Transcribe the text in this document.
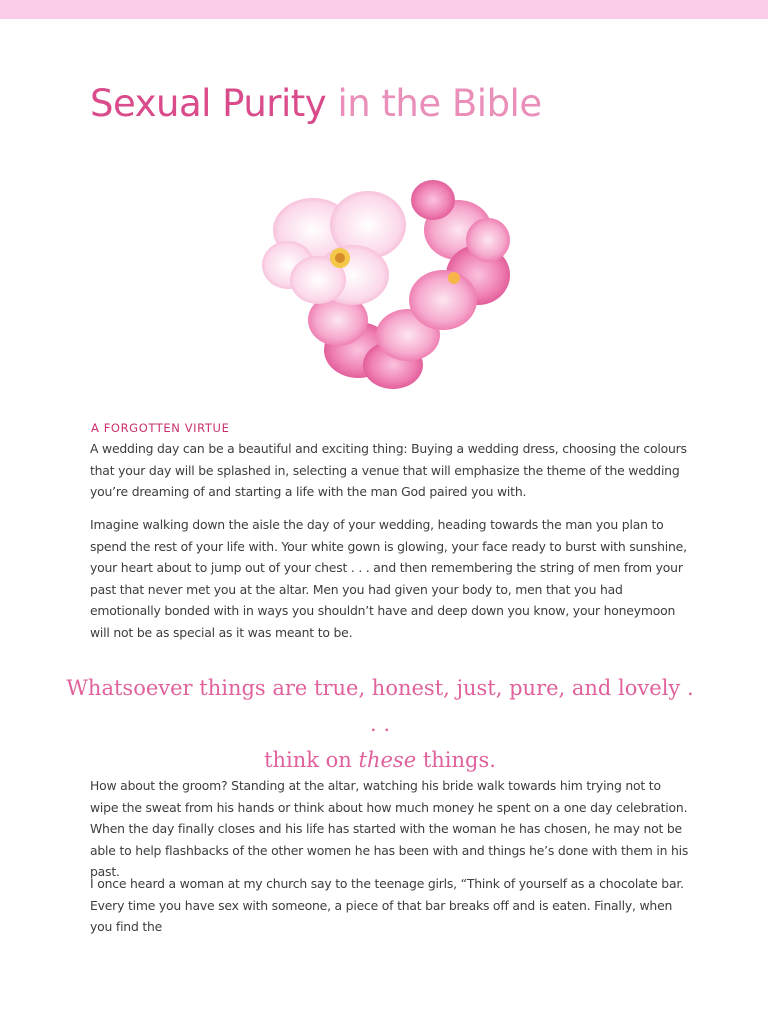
Sexual Purity in the Bible
A FORGOTTEN VIRTUE

A wedding day can be a beautiful and exciting thing: Buying a wedding dress, choosing the colours that your day will be splashed in, selecting a venue that will emphasize the theme of the wedding you’re dreaming of and starting a life with the man God paired you with.

Imagine walking down the aisle the day of your wedding, heading towards the man you plan to spend the rest of your life with. Your white gown is glowing, your face ready to burst with sunshine, your heart about to jump out of your chest . . . and then remembering the string of men from your past that never met you at the altar. Men you had given your body to, men that you had emotionally bonded with in ways you shouldn’t have and deep down you know, your honeymoon will not be as special as it was meant to be.

Whatsoever things are true, honest, just, pure, and lovely . . .
think on these things.

How about the groom? Standing at the altar, watching his bride walk towards him trying not to wipe the sweat from his hands or think about how much money he spent on a one day celebration. When the day finally closes and his life has started with the woman he has chosen, he may not be able to help flashbacks of the other women he has been with and things he’s done with them in his past.

I once heard a woman at my church say to the teenage girls, “Think of yourself as a chocolate bar. Every time you have sex with someone, a piece of that bar breaks off and is eaten. Finally, when you find the
